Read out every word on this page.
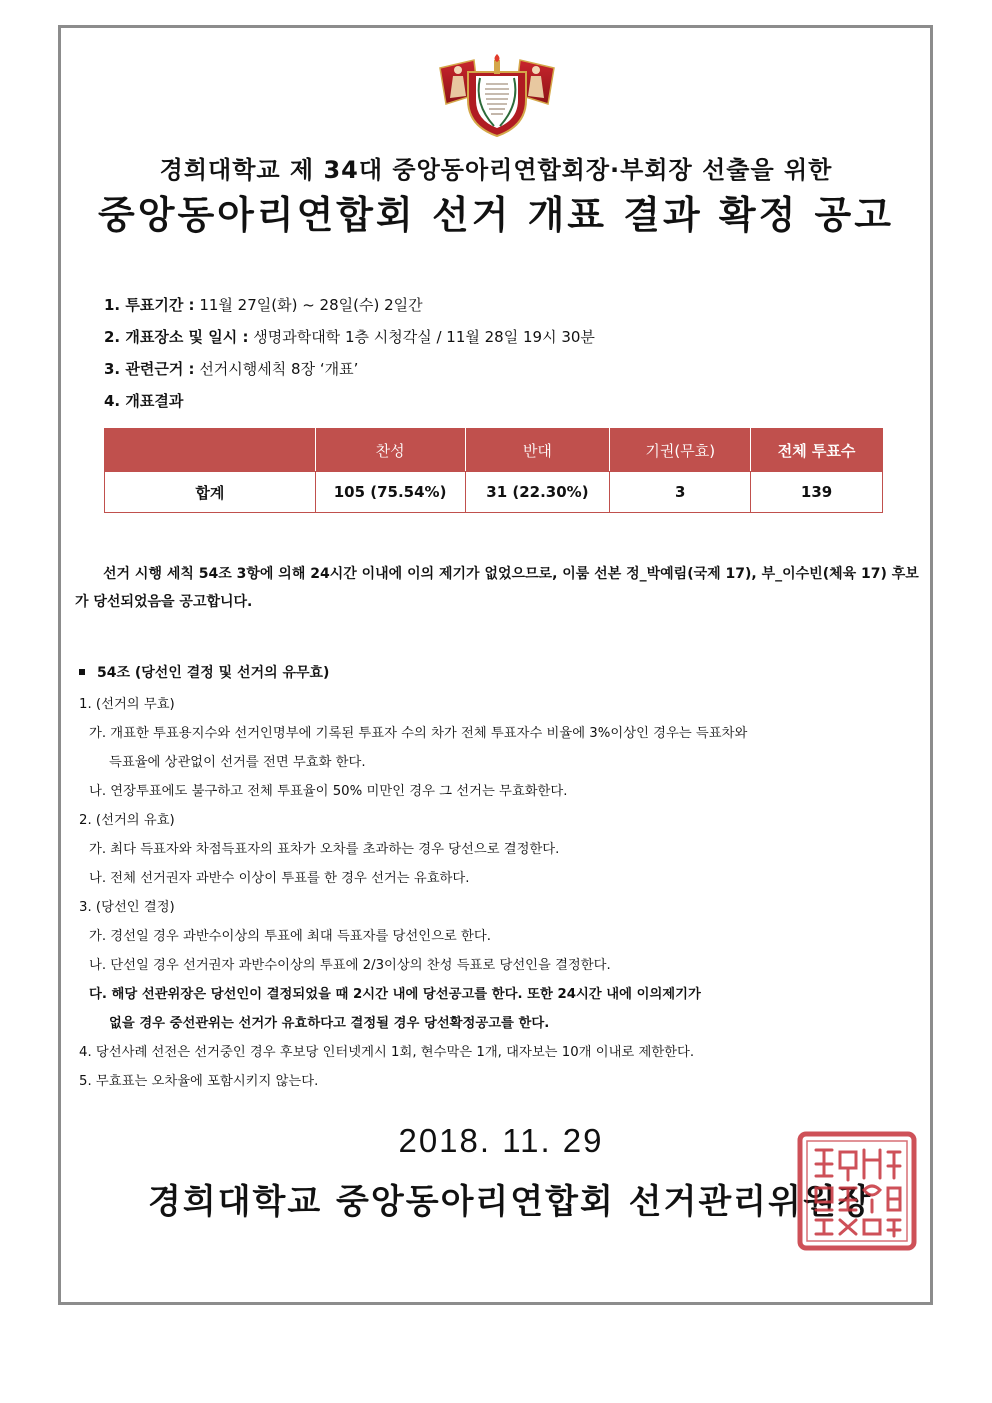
경희대학교 제 34대 중앙동아리연합회장·부회장 선출을 위한
중앙동아리연합회 선거 개표 결과 확정 공고
1. 투표기간 : 11월 27일(화) ~ 28일(수) 2일간
2. 개표장소 및 일시 : 생명과학대학 1층 시청각실 / 11월 28일 19시 30분
3. 관련근거 : 선거시행세칙 8장 ‘개표’
4. 개표결과
	찬성	반대	기권(무효)	전체 투표수
합계	105 (75.54%)	31 (22.30%)	3	139
선거 시행 세칙 54조 3항에 의해 24시간 이내에 이의 제기가 없었으므로, 이룸 선본 정_박예림(국제 17), 부_이수빈(체육 17) 후보가 당선되었음을 공고합니다.
54조 (당선인 결정 및 선거의 유무효)
1. (선거의 무효)
가. 개표한 투표용지수와 선거인명부에 기록된 투표자 수의 차가 전체 투표자수 비율에 3%이상인 경우는 득표차와
득표율에 상관없이 선거를 전면 무효화 한다.
나. 연장투표에도 불구하고 전체 투표율이 50% 미만인 경우 그 선거는 무효화한다.
2. (선거의 유효)
가. 최다 득표자와 차점득표자의 표차가 오차를 초과하는 경우 당선으로 결정한다.
나. 전체 선거권자 과반수 이상이 투표를 한 경우 선거는 유효하다.
3. (당선인 결정)
가. 경선일 경우 과반수이상의 투표에 최대 득표자를 당선인으로 한다.
나. 단선일 경우 선거권자 과반수이상의 투표에 2/3이상의 찬성 득표로 당선인을 결정한다.
다. 해당 선관위장은 당선인이 결정되었을 때 2시간 내에 당선공고를 한다. 또한 24시간 내에 이의제기가
없을 경우 중선관위는 선거가 유효하다고 결정될 경우 당선확정공고를 한다.
4. 당선사례 선전은 선거중인 경우 후보당 인터넷게시 1회, 현수막은 1개, 대자보는 10개 이내로 제한한다.
5. 무효표는 오차율에 포함시키지 않는다.
2018. 11. 29
경희대학교 중앙동아리연합회 선거관리위원장
